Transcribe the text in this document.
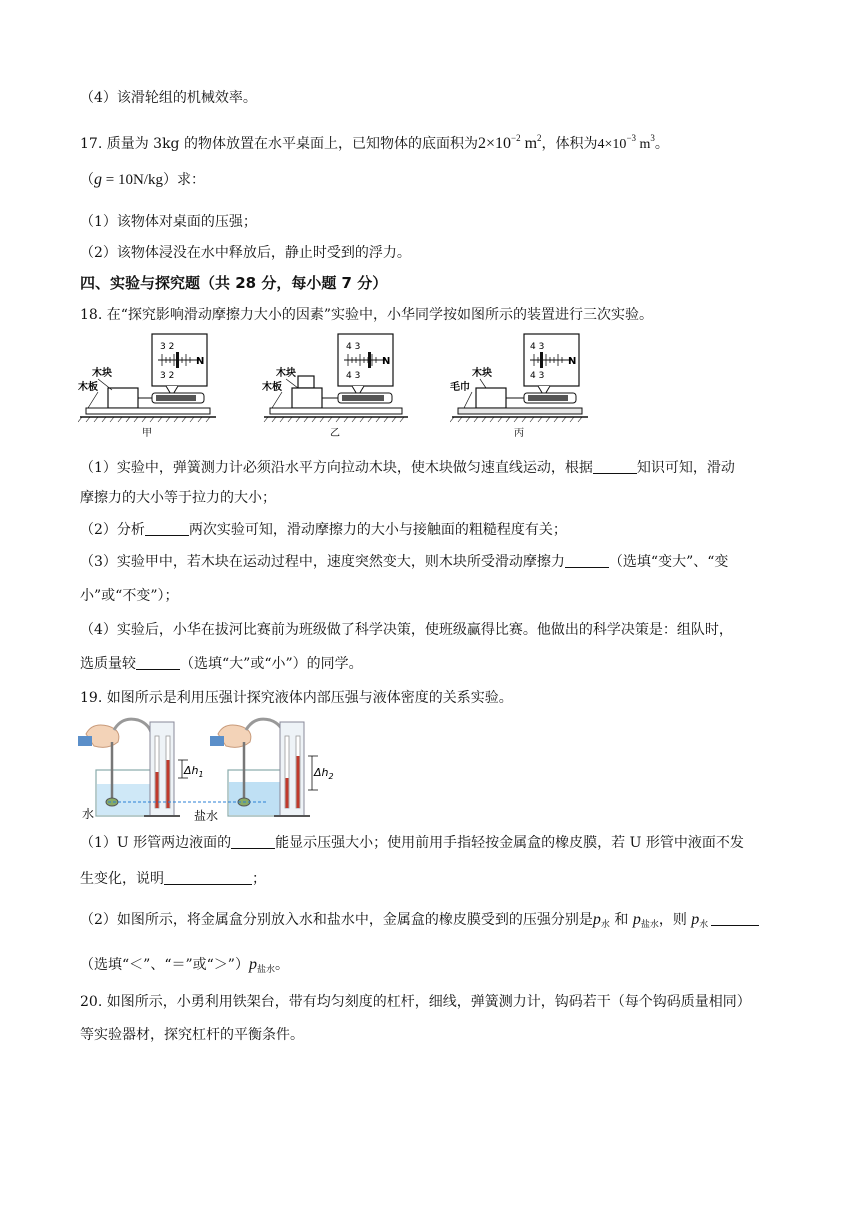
（4）该滑轮组的机械效率。
17. 质量为 3kg 的物体放置在水平桌面上，已知物体的底面积为$2\times 10^{-2}$ $m^2$，体积为$4\times 10^{-3}$ $m^3$。
（g = 10N/kg）求：
（1）该物体对桌面的压强；
（2）该物体浸没在水中释放后，静止时受到的浮力。
四、实验与探究题（共 28 分，每小题 7 分）
18. 在“探究影响滑动摩擦力大小的因素”实验中，小华同学按如图所示的装置进行三次实验。
3 2
3 2
N
木块
木板
甲
4 3
4 3
N
木块
木板
乙
4 3
4 3
N
木块
毛巾
丙
（1）实验中，弹簧测力计必须沿水平方向拉动木块，使木块做匀速直线运动，根据	知识可知，滑动
摩擦力的大小等于拉力的大小；
（2）分析	两次实验可知，滑动摩擦力的大小与接触面的粗糙程度有关；
（3）实验甲中，若木块在运动过程中，速度突然变大，则木块所受滑动摩擦力	（选填“变大”、“变
小”或“不变”）；
（4）实验后，小华在拔河比赛前为班级做了科学决策，使班级赢得比赛。他做出的科学决策是：组队时，
选质量较	（选填“大”或“小”）的同学。
19. 如图所示是利用压强计探究液体内部压强与液体密度的关系实验。
$\Delta h_1$	$\Delta h_2$
水	盐水
（1）U 形管两边液面的	能显示压强大小；使用前用手指轻按金属盒的橡皮膜，若 U 形管中液面不发
生变化，说明	；
（2）如图所示，将金属盒分别放入水和盐水中，金属盒的橡皮膜受到的压强分别是$p_水$ 和 $p_{盐水}$，则 $p_水$
（选填“＜”、“＝”或“$>”)p_{盐水}$。
20. 如图所示，小勇利用铁架台，带有均匀刻度的杠杆，细线，弹簧测力计，钩码若干（每个钩码质量相同）
等实验器材，探究杠杆的平衡条件。
